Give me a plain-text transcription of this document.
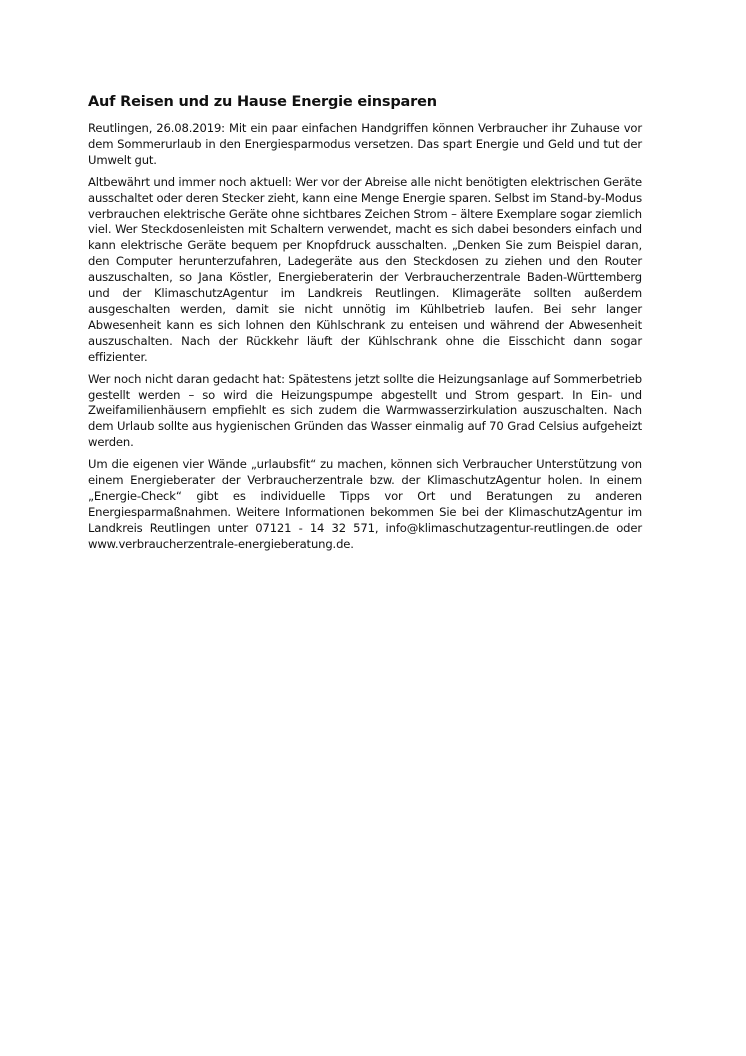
Auf Reisen und zu Hause Energie einsparen

Reutlingen, 26.08.2019: Mit ein paar einfachen Handgriffen können Verbraucher ihr Zuhause vor dem Sommerurlaub in den Energiesparmodus versetzen. Das spart Energie und Geld und tut der Umwelt gut.

Altbewährt und immer noch aktuell: Wer vor der Abreise alle nicht benötigten elektrischen Geräte ausschaltet oder deren Stecker zieht, kann eine Menge Energie sparen. Selbst im Stand-by-Modus verbrauchen elektrische Geräte ohne sichtbares Zeichen Strom – ältere Exemplare sogar ziemlich viel. Wer Steckdosenleisten mit Schaltern verwendet, macht es sich dabei besonders einfach und kann elektrische Geräte bequem per Knopfdruck ausschalten. „Denken Sie zum Beispiel daran, den Computer herunterzufahren, Ladegeräte aus den Steckdosen zu ziehen und den Router auszuschalten, so Jana Köstler, Energieberaterin der Verbraucherzentrale Baden-Württemberg und der KlimaschutzAgentur im Landkreis Reutlingen. Klimageräte sollten außerdem ausgeschalten werden, damit sie nicht unnötig im Kühlbetrieb laufen. Bei sehr langer Abwesenheit kann es sich lohnen den Kühlschrank zu enteisen und während der Abwesenheit auszuschalten. Nach der Rückkehr läuft der Kühlschrank ohne die Eisschicht dann sogar effizienter.

Wer noch nicht daran gedacht hat: Spätestens jetzt sollte die Heizungsanlage auf Sommerbetrieb gestellt werden – so wird die Heizungspumpe abgestellt und Strom gespart. In Ein- und Zweifamilienhäusern empfiehlt es sich zudem die Warmwasserzirkulation auszuschalten. Nach dem Urlaub sollte aus hygienischen Gründen das Wasser einmalig auf 70 Grad Celsius aufgeheizt werden.

Um die eigenen vier Wände „urlaubsfit“ zu machen, können sich Verbraucher Unterstützung von einem Energieberater der Verbraucherzentrale bzw. der KlimaschutzAgentur holen. In einem „Energie-Check“ gibt es individuelle Tipps vor Ort und Beratungen zu anderen Energiesparmaßnahmen. Weitere Informationen bekommen Sie bei der KlimaschutzAgentur im Landkreis Reutlingen unter 07121 - 14 32 571, info@klimaschutzagentur-reutlingen.de oder www.verbraucherzentrale-energieberatung.de.
